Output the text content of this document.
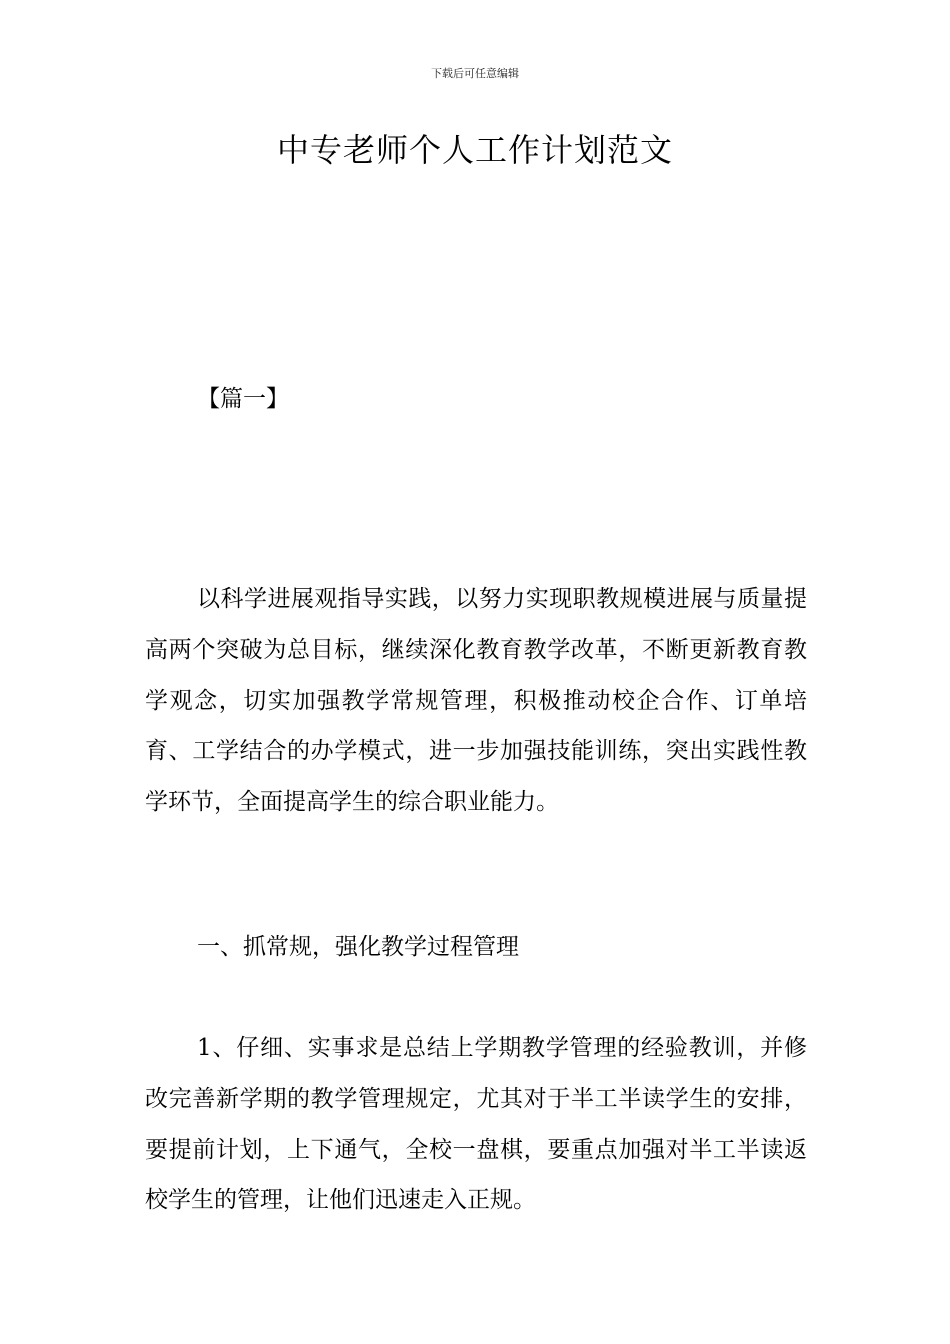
下载后可任意编辑
中专老师个人工作计划范文
【篇一】

以科学进展观指导实践，以努力实现职教规模进展与质量提高两个突破为总目标，继续深化教育教学改革，不断更新教育教学观念，切实加强教学常规管理，积极推动校企合作、订单培育、工学结合的办学模式，进一步加强技能训练，突出实践性教学环节，全面提高学生的综合职业能力。

一、抓常规，强化教学过程管理

1、仔细、实事求是总结上学期教学管理的经验教训，并修改完善新学期的教学管理规定，尤其对于半工半读学生的安排，要提前计划，上下通气，全校一盘棋，要重点加强对半工半读返校学生的管理，让他们迅速走入正规。
